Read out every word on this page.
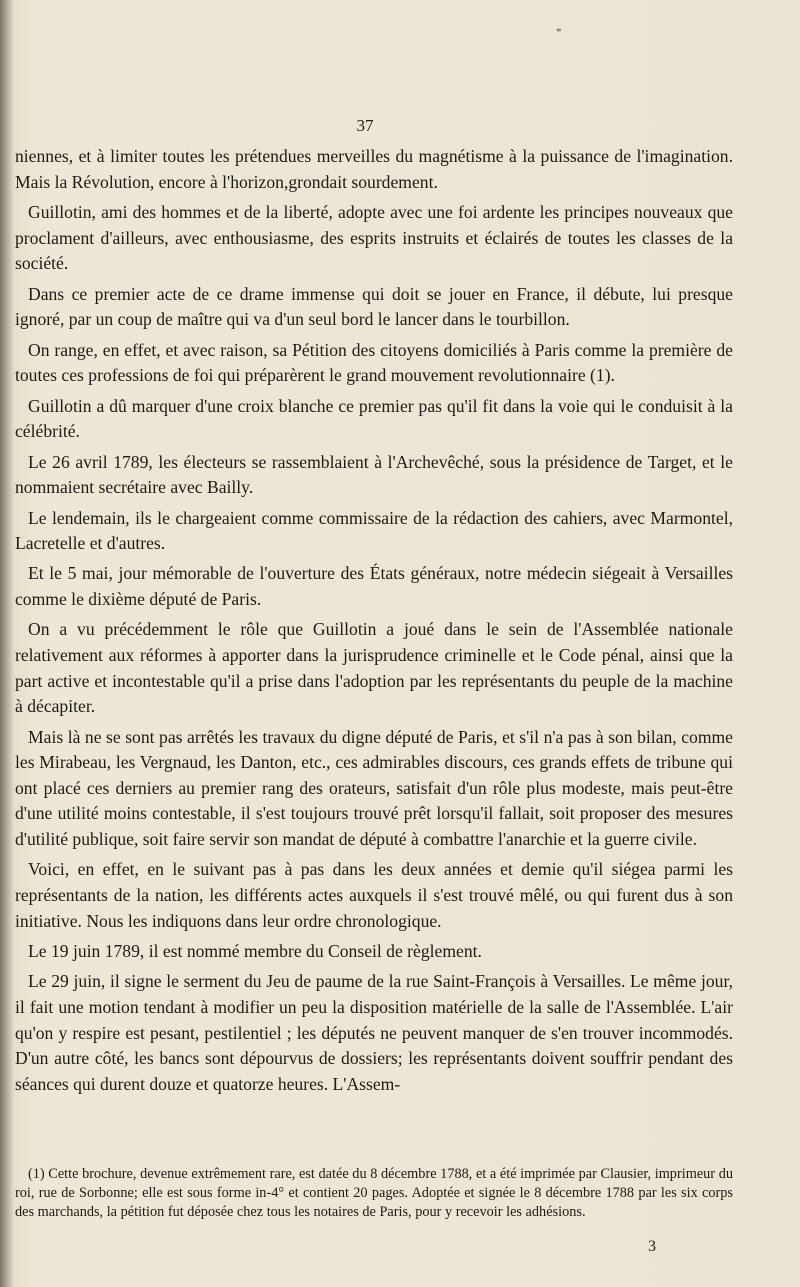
*
37

niennes, et à limiter toutes les prétendues merveilles du magnétisme à la puissance de l'imagination. Mais la Révolution, encore à l'horizon,grondait sourdement.

Guillotin, ami des hommes et de la liberté, adopte avec une foi ardente les principes nouveaux que proclament d'ailleurs, avec enthousiasme, des esprits instruits et éclairés de toutes les classes de la société.

Dans ce premier acte de ce drame immense qui doit se jouer en France, il débute, lui presque ignoré, par un coup de maître qui va d'un seul bord le lancer dans le tourbillon.

On range, en effet, et avec raison, sa Pétition des citoyens domiciliés à Paris comme la première de toutes ces professions de foi qui préparèrent le grand mouvement revolutionnaire (1).

Guillotin a dû marquer d'une croix blanche ce premier pas qu'il fit dans la voie qui le conduisit à la célébrité.

Le 26 avril 1789, les électeurs se rassemblaient à l'Archevêché, sous la présidence de Target, et le nommaient secrétaire avec Bailly.

Le lendemain, ils le chargeaient comme commissaire de la rédaction des cahiers, avec Marmontel, Lacretelle et d'autres.

Et le 5 mai, jour mémorable de l'ouverture des États généraux, notre médecin siégeait à Versailles comme le dixième député de Paris.

On a vu précédemment le rôle que Guillotin a joué dans le sein de l'Assemblée nationale relativement aux réformes à apporter dans la jurisprudence criminelle et le Code pénal, ainsi que la part active et incontestable qu'il a prise dans l'adoption par les représentants du peuple de la machine à décapiter.

Mais là ne se sont pas arrêtés les travaux du digne député de Paris, et s'il n'a pas à son bilan, comme les Mirabeau, les Vergnaud, les Danton, etc., ces admirables discours, ces grands effets de tribune qui ont placé ces derniers au premier rang des orateurs, satisfait d'un rôle plus modeste, mais peut-être d'une utilité moins contestable, il s'est toujours trouvé prêt lorsqu'il fallait, soit proposer des mesures d'utilité publique, soit faire servir son mandat de député à combattre l'anarchie et la guerre civile.

Voici, en effet, en le suivant pas à pas dans les deux années et demie qu'il siégea parmi les représentants de la nation, les différents actes auxquels il s'est trouvé mêlé, ou qui furent dus à son initiative. Nous les indiquons dans leur ordre chronologique.

Le 19 juin 1789, il est nommé membre du Conseil de règlement.

Le 29 juin, il signe le serment du Jeu de paume de la rue Saint-François à Versailles. Le même jour, il fait une motion tendant à modifier un peu la disposition matérielle de la salle de l'Assemblée. L'air qu'on y respire est pesant, pestilentiel ; les députés ne peuvent manquer de s'en trouver incommodés. D'un autre côté, les bancs sont dépourvus de dossiers; les représentants doivent souffrir pendant des séances qui durent douze et quatorze heures. L'Assem-

(1) Cette brochure, devenue extrêmement rare, est datée du 8 décembre 1788, et a été imprimée par Clausier, imprimeur du roi, rue de Sorbonne; elle est sous forme in-4° et contient 20 pages. Adoptée et signée le 8 décembre 1788 par les six corps des marchands, la pétition fut déposée chez tous les notaires de Paris, pour y recevoir les adhésions.

3
